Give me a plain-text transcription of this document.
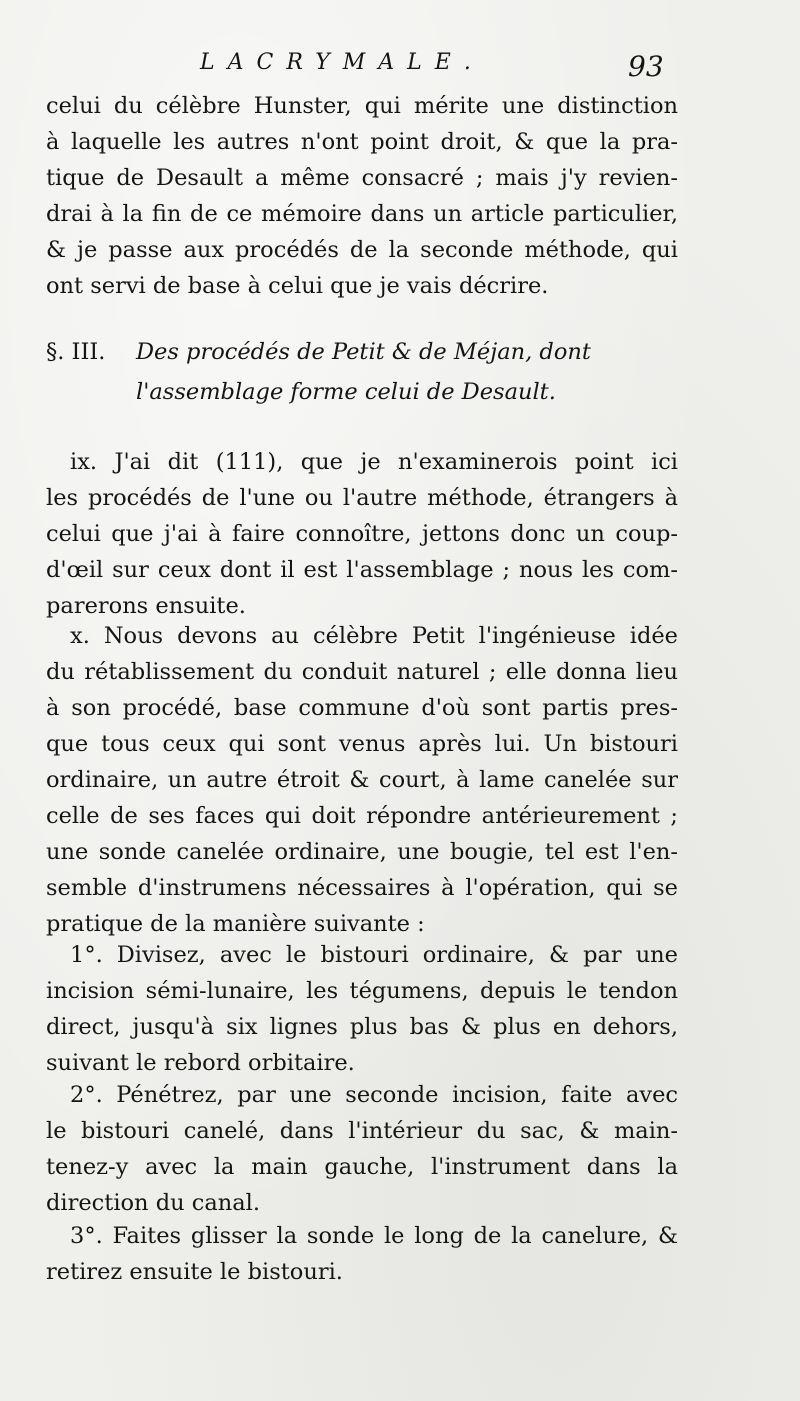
LACRYMALE.	93
celui du célèbre Hunster, qui mérite une distinction
à laquelle les autres n'ont point droit, & que la pra-
tique de Desault a même consacré ; mais j'y revien-
drai à la fin de ce mémoire dans un article particulier,
& je passe aux procédés de la seconde méthode, qui
ont servi de base à celui que je vais décrire.
§. III. Des procédés de Petit & de Méjan, dont
l'assemblage forme celui de Desault.
ix. J'ai dit (111), que je n'examinerois point ici
les procédés de l'une ou l'autre méthode, étrangers à
celui que j'ai à faire connoître, jettons donc un coup-
d'œil sur ceux dont il est l'assemblage ; nous les com-
parerons ensuite.
x. Nous devons au célèbre Petit l'ingénieuse idée
du rétablissement du conduit naturel ; elle donna lieu
à son procédé, base commune d'où sont partis pres-
que tous ceux qui sont venus après lui. Un bistouri
ordinaire, un autre étroit & court, à lame canelée sur
celle de ses faces qui doit répondre antérieurement ;
une sonde canelée ordinaire, une bougie, tel est l'en-
semble d'instrumens nécessaires à l'opération, qui se
pratique de la manière suivante :
1°. Divisez, avec le bistouri ordinaire, & par une
incision sémi-lunaire, les tégumens, depuis le tendon
direct, jusqu'à six lignes plus bas & plus en dehors,
suivant le rebord orbitaire.
2°. Pénétrez, par une seconde incision, faite avec
le bistouri canelé, dans l'intérieur du sac, & main-
tenez-y avec la main gauche, l'instrument dans la
direction du canal.
3°. Faites glisser la sonde le long de la canelure, &
retirez ensuite le bistouri.
